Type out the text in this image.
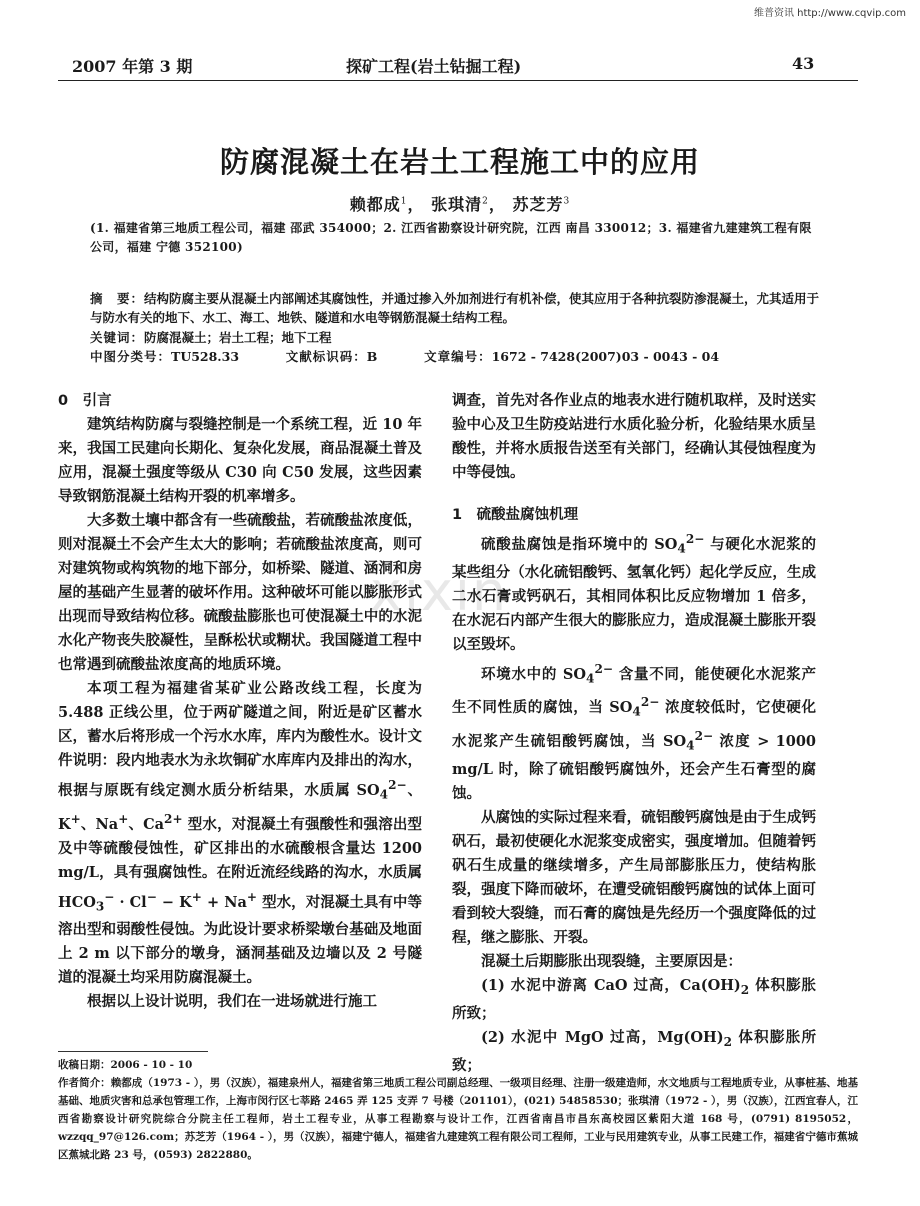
维普资讯 http://www.cqvip.com
xixin
2007 年第 3 期	探矿工程(岩土钻掘工程)	43
防腐混凝土在岩土工程施工中的应用
赖都成$^1$， 张琪清$^2$， 苏芝芳$^3$
(1. 福建省第三地质工程公司，福建 邵武 354000；2. 江西省勘察设计研究院，江西 南昌 330012；3. 福建省九建建筑工程有限公司，福建 宁德 352100)
摘　要：结构防腐主要从混凝土内部阐述其腐蚀性，并通过掺入外加剂进行有机补偿，使其应用于各种抗裂防渗混凝土，尤其适用于与防水有关的地下、水工、海工、地铁、隧道和水电等钢筋混凝土结构工程。
关键词：防腐混凝土；岩土工程；地下工程
中图分类号：TU528.33	文献标识码：B	文章编号：1672 - 7428(2007)03 - 0043 - 04

0　引言

建筑结构防腐与裂缝控制是一个系统工程，近 10 年来，我国工民建向长期化、复杂化发展，商品混凝土普及应用，混凝土强度等级从 C30 向 C50 发展，这些因素导致钢筋混凝土结构开裂的机率增多。

大多数土壤中都含有一些硫酸盐，若硫酸盐浓度低，则对混凝土不会产生太大的影响；若硫酸盐浓度高，则可对建筑物或构筑物的地下部分，如桥梁、隧道、涵洞和房屋的基础产生显著的破坏作用。这种破坏可能以膨胀形式出现而导致结构位移。硫酸盐膨胀也可使混凝土中的水泥水化产物丧失胶凝性，呈酥松状或糊状。我国隧道工程中也常遇到硫酸盐浓度高的地质环境。

本项工程为福建省某矿业公路改线工程，长度为 5.488 正线公里，位于两矿隧道之间，附近是矿区蓄水区，蓄水后将形成一个污水水库，库内为酸性水。设计文件说明：段内地表水为永坎铜矿水库库内及排出的沟水，根据与原既有线定测水质分析结果，水质属 $SO_4^{2-}$、K+、Na+、$Ca^{2+}$ 型水，对混凝土有强酸性和强溶出型及中等硫酸侵蚀性，矿区排出的水硫酸根含量达 1200 mg/L，具有强腐蚀性。在附近流经线路的沟水，水质属 $HCO_3^- \cdot Cl^- - K^+ + Na^+$ 型水，对混凝土具有中等溶出型和弱酸性侵蚀。为此设计要求桥梁墩台基础及地面上 2 m 以下部分的墩身，涵洞基础及边墙以及 2 号隧道的混凝土均采用防腐混凝土。

根据以上设计说明，我们在一进场就进行施工

调查，首先对各作业点的地表水进行随机取样，及时送实验中心及卫生防疫站进行水质化验分析，化验结果水质呈酸性，并将水质报告送至有关部门，经确认其侵蚀程度为中等侵蚀。

1　硫酸盐腐蚀机理

硫酸盐腐蚀是指环境中的 $SO_4^{2-}$ 与硬化水泥浆的某些组分（水化硫铝酸钙、氢氧化钙）起化学反应，生成二水石膏或钙矾石，其相同体积比反应物增加 1 倍多，在水泥石内部产生很大的膨胀应力，造成混凝土膨胀开裂以至毁坏。

环境水中的 $SO_4^{2-}$ 含量不同，能使硬化水泥浆产生不同性质的腐蚀，当 $SO_4^{2-}$ 浓度较低时，它使硬化水泥浆产生硫铝酸钙腐蚀，当 $SO_4^{2-}$ 浓度 > 1000 mg/L 时，除了硫铝酸钙腐蚀外，还会产生石膏型的腐蚀。

从腐蚀的实际过程来看，硫铝酸钙腐蚀是由于生成钙矾石，最初使硬化水泥浆变成密实，强度增加。但随着钙矾石生成量的继续增多，产生局部膨胀压力，使结构胀裂，强度下降而破坏，在遭受硫铝酸钙腐蚀的试体上面可看到较大裂缝，而石膏的腐蚀是先经历一个强度降低的过程，继之膨胀、开裂。

混凝土后期膨胀出现裂缝，主要原因是：

(1) 水泥中游离 CaO 过高，$Ca(OH)_2$ 体积膨胀所致；

(2) 水泥中 MgO 过高，$Mg(OH)_2$ 体积膨胀所致；

收稿日期：2006 - 10 - 10

作者简介：赖都成（1973 - ），男（汉族），福建泉州人，福建省第三地质工程公司副总经理、一级项目经理、注册一级建造师，水文地质与工程地质专业，从事桩基、地基基础、地质灾害和总承包管理工作，上海市闵行区七莘路 2465 弄 125 支弄 7 号楼（201101），(021) 54858530；张琪清（1972 - ），男（汉族），江西宜春人，江西省勘察设计研究院综合分院主任工程师，岩土工程专业，从事工程勘察与设计工作，江西省南昌市昌东高校园区紫阳大道 168 号，(0791) 8195052，wzzqq_97@126.com；苏芝芳（1964 - ），男（汉族），福建宁德人，福建省九建建筑工程有限公司工程师，工业与民用建筑专业，从事工民建工作，福建省宁德市蕉城区蕉城北路 23 号，(0593) 2822880。
